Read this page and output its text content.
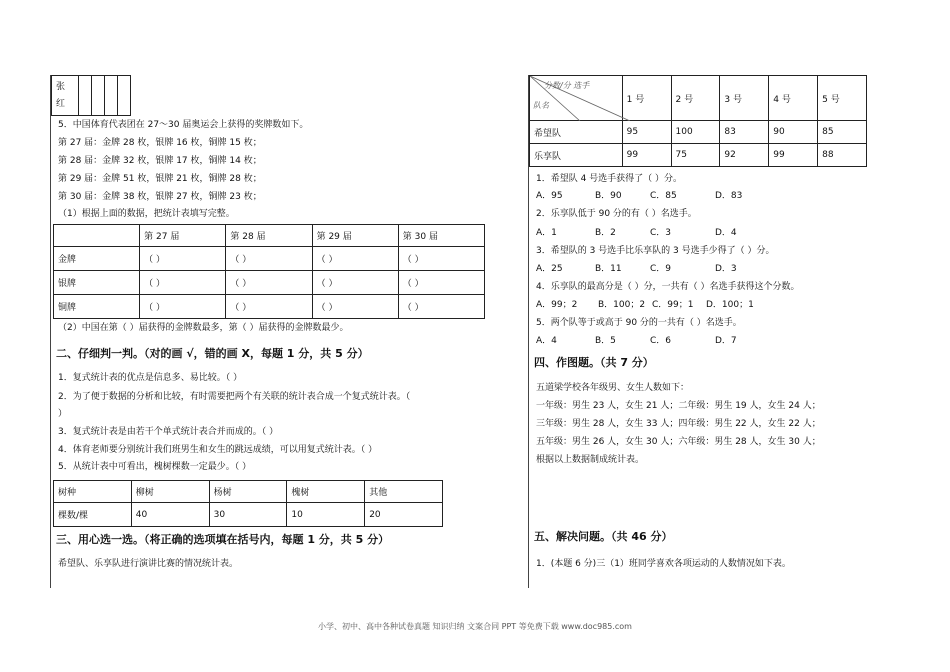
张
红

5．中国体育代表团在 27～30 届奥运会上获得的奖牌数如下。
第 27 届：金牌 28 枚，银牌 16 枚，铜牌 15 枚；
第 28 届：金牌 32 枚，银牌 17 枚，铜牌 14 枚；
第 29 届：金牌 51 枚，银牌 21 枚，铜牌 28 枚；
第 30 届：金牌 38 枚，银牌 27 枚，铜牌 23 枚；
（1）根据上面的数据，把统计表填写完整。
	第 27 届	第 28 届	第 29 届	第 30 届
金牌	（ ）	（ ）	（ ）	（ ）
银牌	（ ）	（ ）	（ ）	（ ）
铜牌	（ ）	（ ）	（ ）	（ ）
（2）中国在第（ ）届获得的金牌数最多，第（ ）届获得的金牌数最少。
二、仔细判一判。（对的画 √，错的画 X，每题 1 分，共 5 分）
1．复式统计表的优点是信息多、易比较。（ ）
2．为了便于数据的分析和比较，有时需要把两个有关联的统计表合成一个复式统计表。（
）
3．复式统计表是由若干个单式统计表合并而成的。（ ）
4．体育老师要分别统计我们班男生和女生的跳远成绩，可以用复式统计表。（ ）
5．从统计表中可看出，槐树棵数一定最少。（ ）
树种	柳树	杨树	槐树	其他
棵数/棵	40	30	10	20
三、用心选一选。（将正确的选项填在括号内，每题 1 分，共 5 分）
希望队、乐享队进行演讲比赛的情况统计表。
分数/分 选手
队名	1 号	2 号	3 号	4 号	5 号
希望队	95	100	83	90	85
乐享队	99	75	92	99	88
1．希望队 4 号选手获得了（ ）分。
A．95	B．90	C．85	D．83
2．乐享队低于 90 分的有（ ）名选手。
A．1	B．2	C．3	D．4
3．希望队的 3 号选手比乐享队的 3 号选手少得了（ ）分。
A．25	B．11	C．9	D．3
4．乐享队的最高分是（ ）分，一共有（ ）名选手获得这个分数。
A．99；2 B．100；2 C．99；1 D．100；1
5．两个队等于或高于 90 分的一共有（ ）名选手。
A．4	B．5	C．6	D．7
四、作图题。（共 7 分）
五道梁学校各年级男、女生人数如下：
一年级：男生 23 人，女生 21 人；二年级：男生 19 人，女生 24 人；
三年级：男生 28 人，女生 33 人；四年级：男生 22 人，女生 22 人；
五年级：男生 26 人，女生 30 人；六年级：男生 28 人，女生 30 人；
根据以上数据制成统计表。
五、解决问题。（共 46 分）
1．(本题 6 分)三（1）班同学喜欢各项运动的人数情况如下表。
小学、初中、高中各种试卷真题 知识归纳 文案合同 PPT 等免费下载 www.doc985.com
